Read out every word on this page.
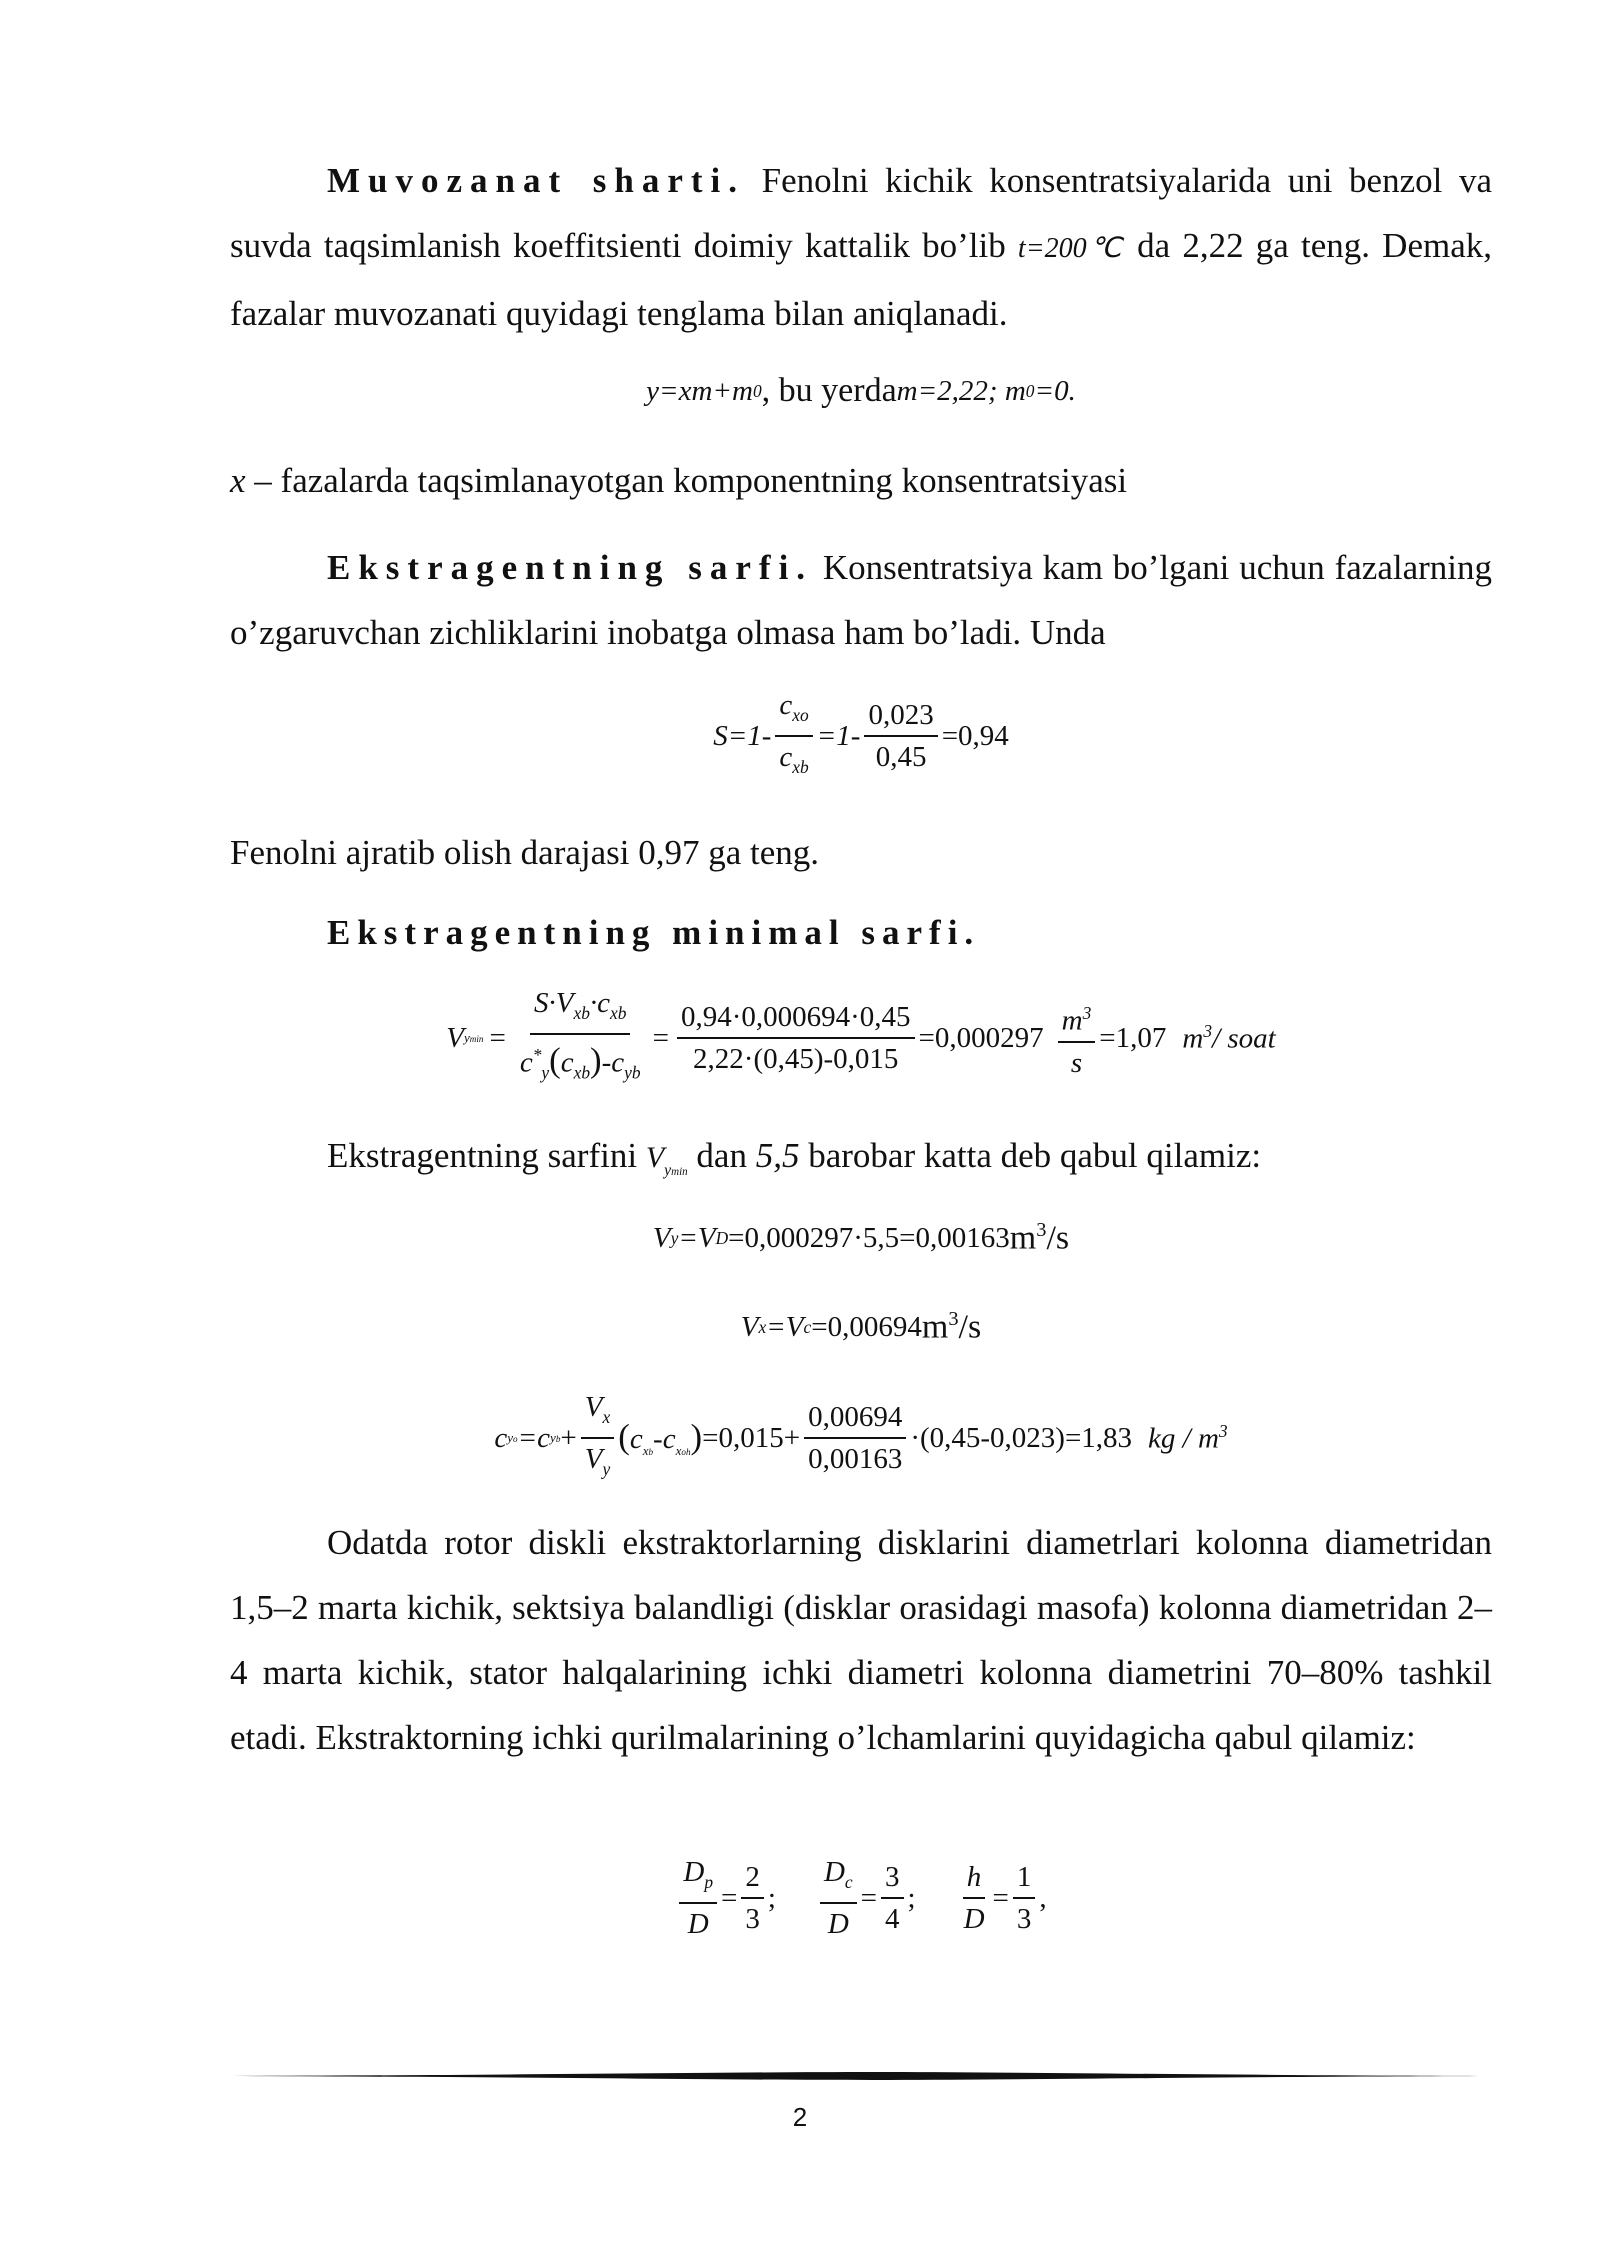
Muvozanat sharti. Fenolni kichik konsentratsiyalarida uni benzol va suvda taqsimlanish koeffitsienti doimiy kattalik bo’lib t=200℃ da 2,22 ga teng. Demak, fazalar muvozanati quyidagi tenglama bilan aniqlanadi.

y=xm+m 0 , bu yerda m=2,22; m 0 =0.

x – fazalarda taqsimlanayotgan komponentning konsentratsiyasi

Ekstragentning sarfi. Konsentratsiya kam bo’lgani uchun fazalarning o’zgaruvchan zichliklarini inobatga olmasa ham bo’ladi. Unda

$S=1- \frac{c_{xo}}{c_{xb}} =1- \frac{0,023}{0,45} =0,94$

Fenolni ajratib olish darajasi 0,97 ga teng.

Ekstragentning minimal sarfi.

V $ymin = \frac{S\cdot V_{xb}\cdot c_{xb}}{c^*_y(c_{xb})-c_{yb}} = \frac{0,94\cdot 0,000694\cdot 0,45}{2,22\cdot(0,45)-0,015} =0,000297 \frac{m^3}{s} =1,07$ $m^3/$ soat

Ekstragentning sarfini $V_{ymin}$ dan 5,5 barobar katta deb qabul qilamiz:

V y =V D =0,000297·5,5=0,00163 $m^3/s$
V x =V c =0,00694 $m^3/s$
c yo =c yb + $\frac{V_x}{V_y} (c_{xb}-c_{xoh}) =0,015+ \frac{0,00694}{0,00163} \cdot(0,45-0,023)=1,83$ kg / $m^3$

Odatda rotor diskli ekstraktorlarning disklarini diametrlari kolonna diametridan 1,5–2 marta kichik, sektsiya balandligi (disklar orasidagi masofa) kolonna diametridan 2–4 marta kichik, stator halqalarining ichki diametri kolonna diametrini 70–80% tashkil etadi. Ekstraktorning ichki qurilmalarining o’lchamlarini quyidagicha qabul qilamiz:

$\frac{D_p}{D} = \frac{2}{3}$ ; $\frac{D_c}{D} = \frac{3}{4}$ ; $\frac{h}{D} = \frac{1}{3}$ ,
2
